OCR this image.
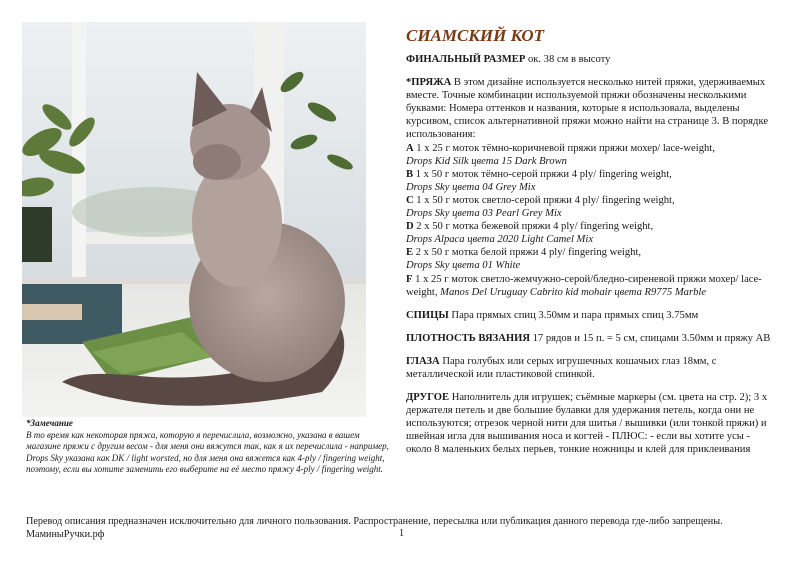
*Замечание
В то время как некоторая пряжа, которую я перечислила, возможно, указана в вашем магазине пряжи с другим весом - для меня они вяжутся так, как я их перечислила - например, Drops Sky указана как DK / light worsted, но для меня она вяжется как 4-ply / fingering weight, поэтому, если вы хотите заменить его выберите на её место пряжу 4-ply / fingering weight.
СИАМСКИЙ КОТ
ФИНАЛЬНЫЙ РАЗМЕР ок. 38 см в высоту
*ПРЯЖА В этом дизайне используется несколько нитей пряжи, удерживаемых вместе. Точные комбинации используемой пряжи обозначены несколькими буквами: Номера оттенков и названия, которые я использовала, выделены курсивом, список альтернативной пряжи можно найти на странице 3. В порядке использования:
A 1 x 25 г моток тёмно-коричневой пряжи пряжи мохер/ lace-weight,
Drops Kid Silk цвета 15 Dark Brown
B 1 x 50 г моток тёмно-серой пряжи 4 ply/ fingering weight,
Drops Sky цвета 04 Grey Mix
C 1 x 50 г моток светло-серой пряжи 4 ply/ fingering weight,
Drops Sky цвета 03 Pearl Grey Mix
D 2 x 50 г мотка бежевой пряжи 4 ply/ fingering weight,
Drops Alpaca цвета 2020 Light Camel Mix
E 2 x 50 г мотка белой пряжи 4 ply/ fingering weight,
Drops Sky цвета 01 White
F 1 x 25 г моток светло-жемчужно-серой/бледно-сиреневой пряжи мохер/ lace-weight, Manos Del Uruguay Cabrito kid mohair цвета R9775 Marble
СПИЦЫ Пара прямых спиц 3.50мм и пара прямых спиц 3.75мм
ПЛОТНОСТЬ ВЯЗАНИЯ 17 рядов и 15 п. = 5 см, спицами 3.50мм и пряжу АВ
ГЛАЗА Пара голубых или серых игрушечных кошачьих глаз 18мм, с металлической или пластиковой спинкой.
ДРУГОЕ Наполнитель для игрушек; съёмные маркеры (см. цвета на стр. 2); 3 x держателя петель и две большие булавки для удержания петель, когда они не используются; отрезок черной нити для шитья / вышивки (или тонкой пряжи) и швейная игла для вышивания носа и когтей - ПЛЮС: - если вы хотите усы - около 8 маленьких белых перьев, тонкие ножницы и клей для приклеивания
Перевод описания предназначен исключительно для личного пользования. Распространение, пересылка или публикация данного перевода где-либо запрещены.
МаминыРучки.рф	1
